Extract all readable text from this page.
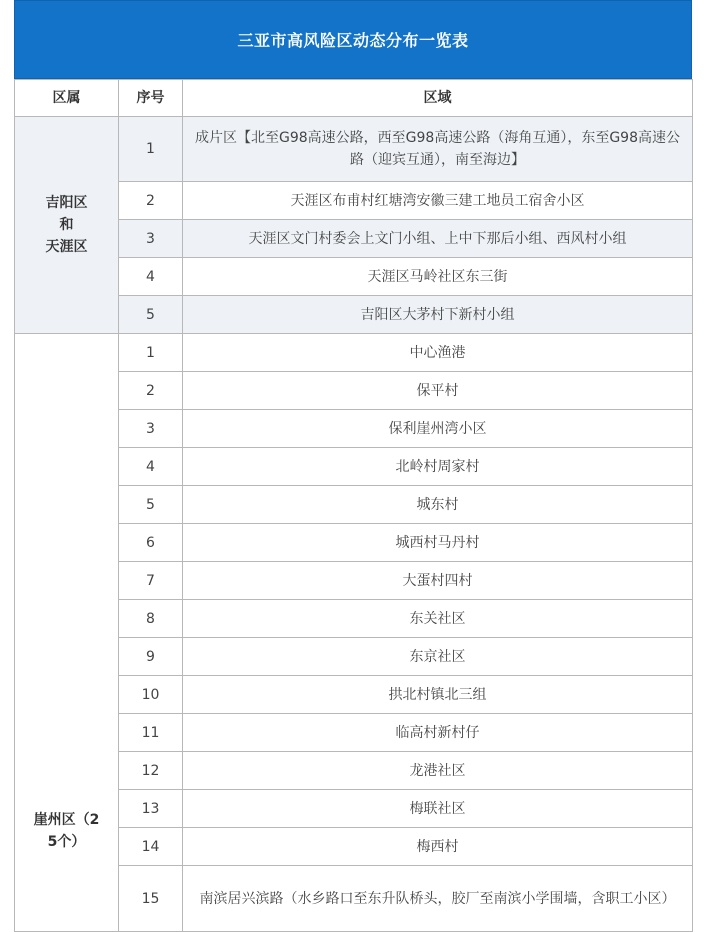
三亚市高风险区动态分布一览表
区属	序号	区域

吉阳区
和
天涯区	1	成片区【北至G98高速公路，西至G98高速公路（海角互通），东至G98高速公路（迎宾互通），南至海边】
	2	天涯区布甫村红塘湾安徽三建工地员工宿舍小区
	3	天涯区文门村委会上文门小组、上中下那后小组、西风村小组
	4	天涯区马岭社区东三街
	5	吉阳区大茅村下新村小组

崖州区（2
5个）	1	中心渔港
	2	保平村
	3	保利崖州湾小区
	4	北岭村周家村
	5	城东村
	6	城西村马丹村
	7	大蛋村四村
	8	东关社区
	9	东京社区
	10	拱北村镇北三组
	11	临高村新村仔
	12	龙港社区
	13	梅联社区
	14	梅西村
	15	南滨居兴滨路（水乡路口至东升队桥头，胶厂至南滨小学围墙，含职工小区）
